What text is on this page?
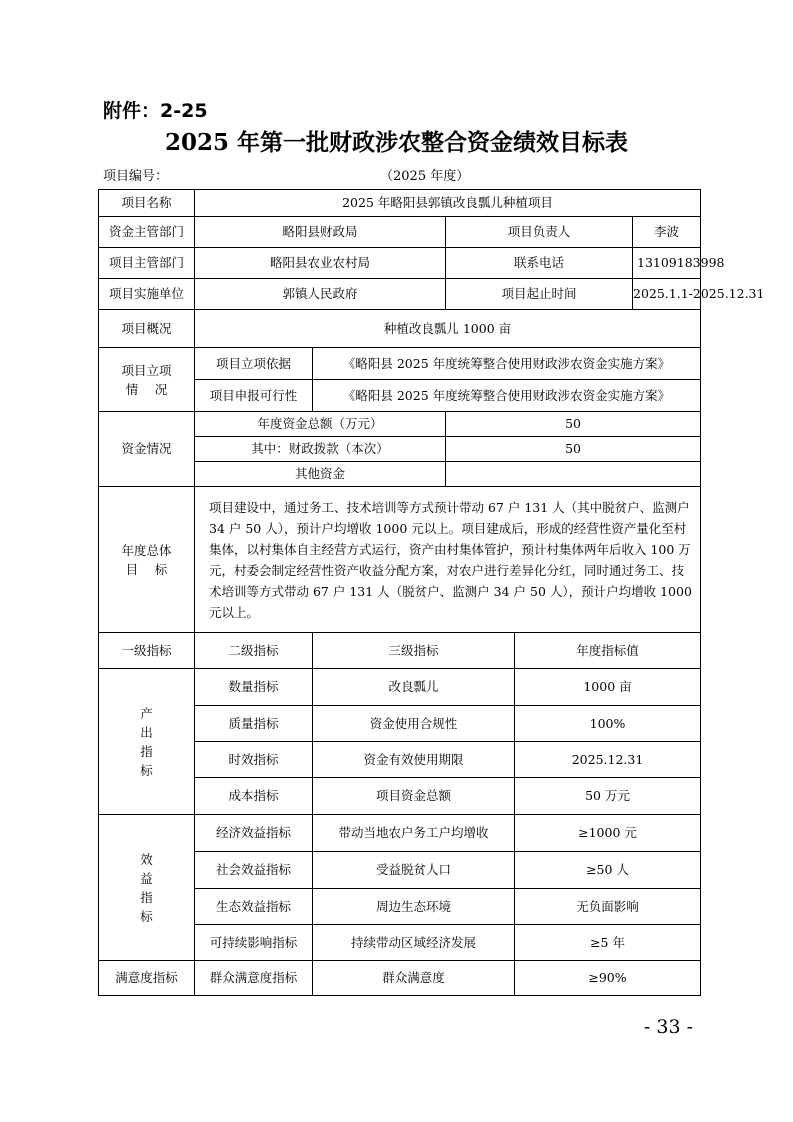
附件：2-25
2025 年第一批财政涉农整合资金绩效目标表
项目编号：	（2025 年度）
项目名称	2025 年略阳县郭镇改良瓢儿种植项目				
资金主管部门	略阳县财政局		项目负责人		李波
项目主管部门	略阳县农业农村局		联系电话		13109183998
项目实施单位	郭镇人民政府		项目起止时间		2025.1.1-2025.12.31
项目概况	种植改良瓢儿 1000 亩				

项目立项
情　 况	项目立项依据	《略阳县 2025 年度统筹整合使用财政涉农资金实施方案》			
	项目申报可行性	《略阳县 2025 年度统筹整合使用财政涉农资金实施方案》			
资金情况	年度资金总额（万元）		50		
	其中：财政拨款（本次）		50		
	其他资金				

年度总体
目　 标	项目建设中，通过务工、技术培训等方式预计带动 67 户 131 人（其中脱贫户、监测户 34 户 50 人），预计户均增收 1000 元以上。项目建成后，形成的经营性资产量化至村集体，以村集体自主经营方式运行，资产由村集体管护，预计村集体两年后收入 100 万元，村委会制定经营性资产收益分配方案，对农户进行差异化分红，同时通过务工、技术培训等方式带动 67 户 131 人（脱贫户、监测户 34 户 50 人），预计户均增收 1000 元以上。				
一级指标	二级指标	三级指标		年度指标值	

产
出
指
标	数量指标	改良瓢儿		1000 亩	
	质量指标	资金使用合规性		100%	
	时效指标	资金有效使用期限		2025.12.31	
	成本指标	项目资金总额		50 万元	

效
益
指
标	经济效益指标	带动当地农户务工户均增收		≥1000 元	
	社会效益指标	受益脱贫人口		≥50 人	
	生态效益指标	周边生态环境		无负面影响	
	可持续影响指标	持续带动区域经济发展		≥5 年	
满意度指标	群众满意度指标	群众满意度		≥90%	
- 33 -
